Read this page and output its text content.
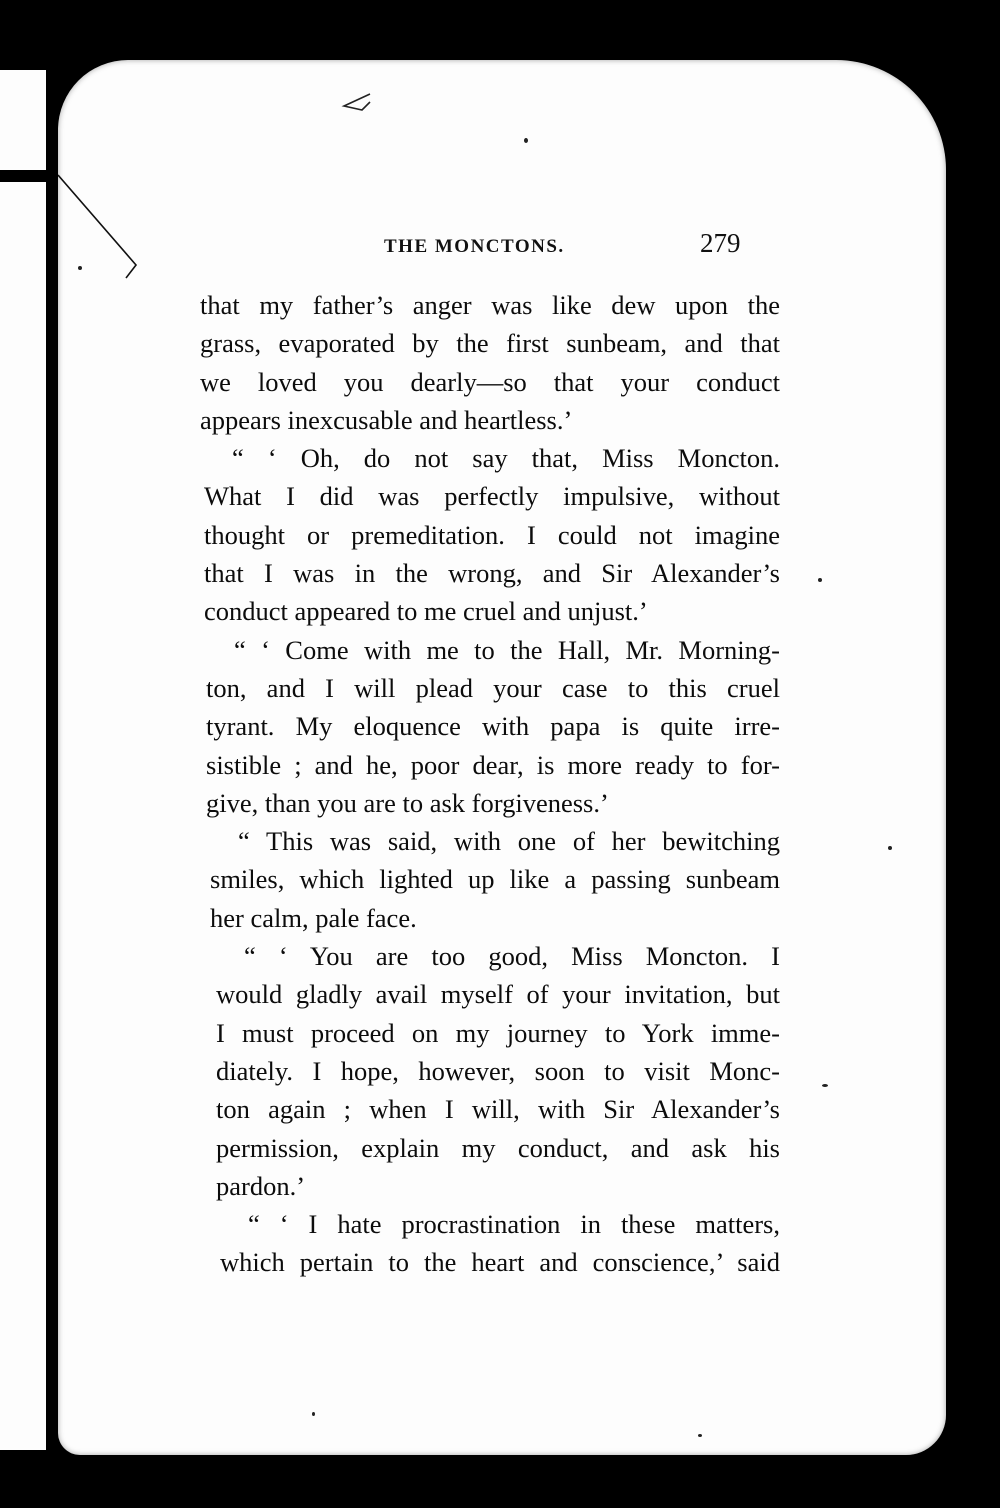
THE MONCTONS.	279
that my father’s anger was like dew upon the
grass, evaporated by the first sunbeam, and that
we loved you dearly—so that your conduct
appears inexcusable and heartless.’
“ ‘ Oh, do not say that, Miss Moncton.
What I did was perfectly impulsive, without
thought or premeditation. I could not imagine
that I was in the wrong, and Sir Alexander’s
conduct appeared to me cruel and unjust.’
“ ‘ Come with me to the Hall, Mr. Morning-
ton, and I will plead your case to this cruel
tyrant. My eloquence with papa is quite irre-
sistible ; and he, poor dear, is more ready to for-
give, than you are to ask forgiveness.’
“ This was said, with one of her bewitching
smiles, which lighted up like a passing sunbeam
her calm, pale face.
“ ‘ You are too good, Miss Moncton. I
would gladly avail myself of your invitation, but
I must proceed on my journey to York imme-
diately. I hope, however, soon to visit Monc-
ton again ; when I will, with Sir Alexander’s
permission, explain my conduct, and ask his
pardon.’
“ ‘ I hate procrastination in these matters,
which pertain to the heart and conscience,’ said
